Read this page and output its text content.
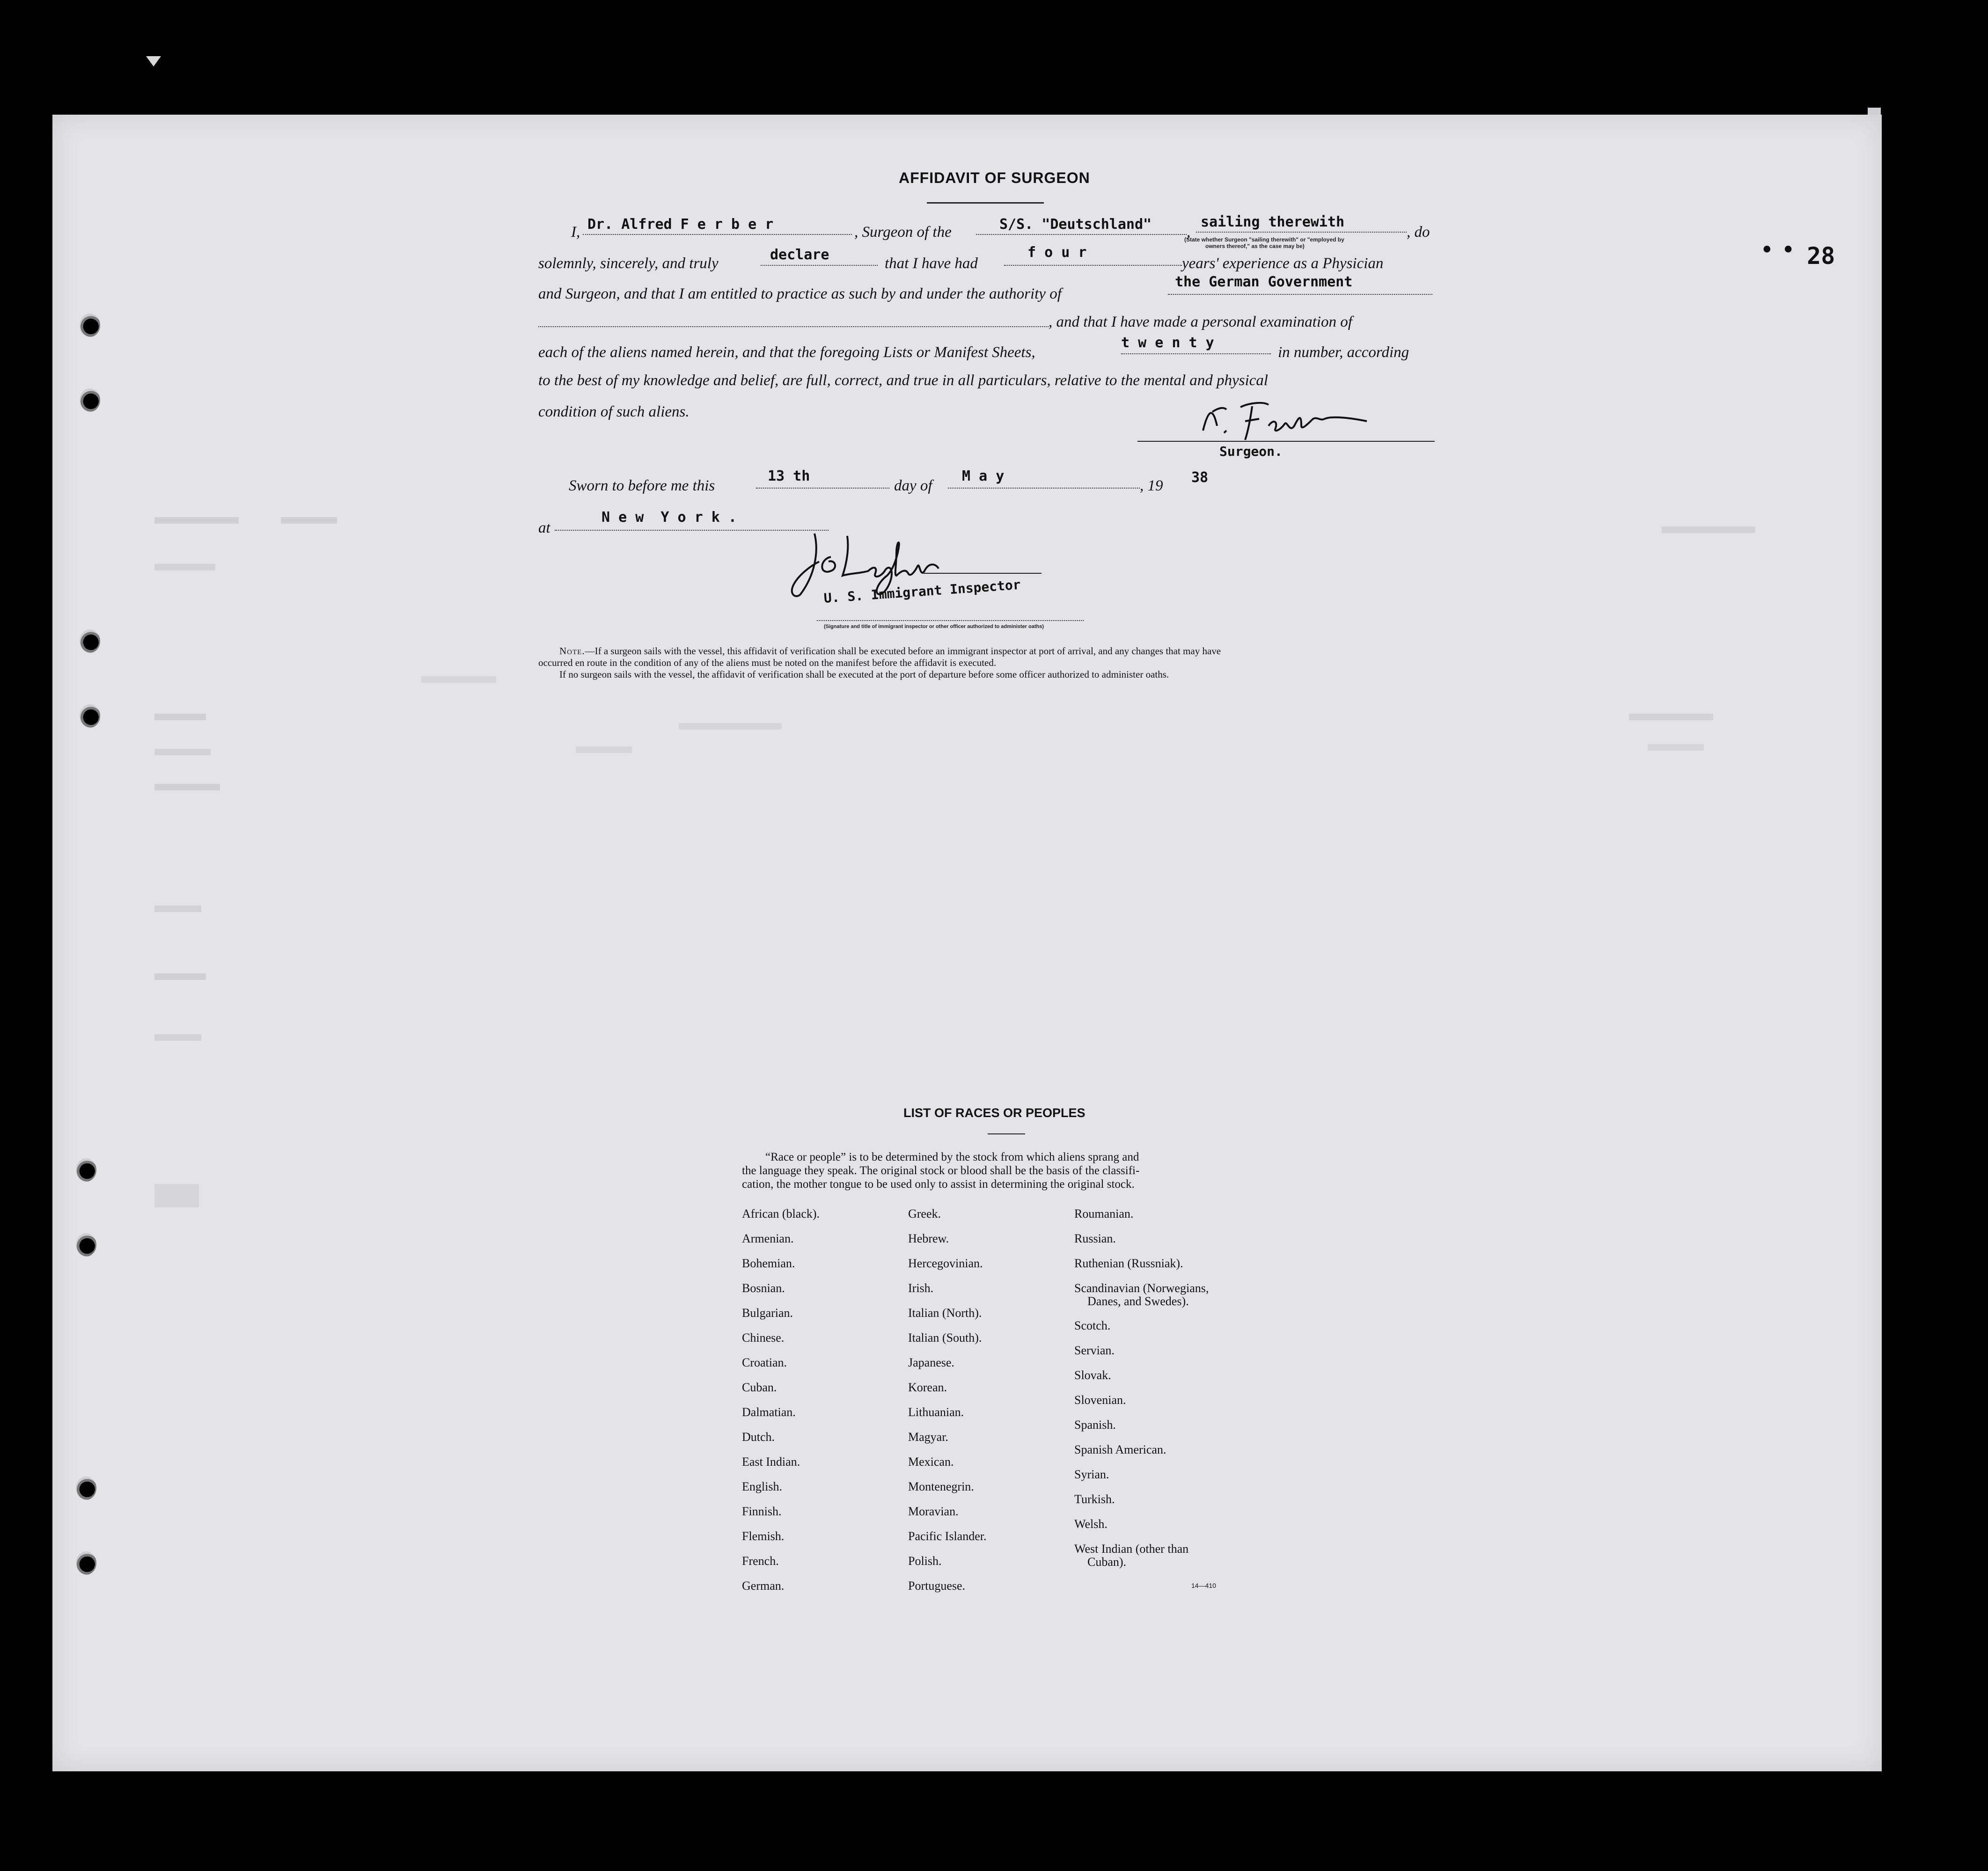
• • 28
AFFIDAVIT OF SURGEON
I, Dr. Alfred F e r b e r	, Surgeon of the	S/S. "Deutschland" ,
sailing therewith
, do
(State whether Surgeon "sailing therewith" or "employed by
owners thereof," as the case may be)
solemnly, sincerely, and truly
declare
that I have had
f o u r
years' experience as a Physician
and Surgeon, and that I am entitled to practice as such by and under the authority of
the German Government
, and that I have made a personal examination of
each of the aliens named herein, and that the foregoing Lists or Manifest Sheets,
t w e n t y
in number, according
to the best of my knowledge and belief, are full, correct, and true in all particulars, relative to the mental and physical
condition of such aliens.
Surgeon.
Sworn to before me this
13 th
day of
M a y
, 19 38
at
N e w  Y o r k .
U. S. Immigrant Inspector
(Signature and title of immigrant inspector or other officer authorized to administer oaths)
Note.—If a surgeon sails with the vessel, this affidavit of verification shall be executed before an immigrant inspector at port of arrival, and any changes that may have
occurred en route in the condition of any of the aliens must be noted on the manifest before the affidavit is executed.
If no surgeon sails with the vessel, the affidavit of verification shall be executed at the port of departure before some officer authorized to administer oaths.
LIST OF RACES OR PEOPLES

“Race or people” is to be determined by the stock from which aliens sprang and

the language they speak. The original stock or blood shall be the basis of the classifi-

cation, the mother tongue to be used only to assist in determining the original stock.

African (black).
Armenian.
Bohemian.
Bosnian.
Bulgarian.
Chinese.
Croatian.
Cuban.
Dalmatian.
Dutch.
East Indian.
English.
Finnish.
Flemish.
French.
German.
Greek.
Hebrew.
Hercegovinian.
Irish.
Italian (North).
Italian (South).
Japanese.
Korean.
Lithuanian.
Magyar.
Mexican.
Montenegrin.
Moravian.
Pacific Islander.
Polish.
Portuguese.
Roumanian.
Russian.
Ruthenian (Russniak).
Scandinavian (Norwegians,
Danes, and Swedes).
Scotch.
Servian.
Slovak.
Slovenian.
Spanish.
Spanish American.
Syrian.
Turkish.
Welsh.
West Indian (other than
Cuban).
14—410
